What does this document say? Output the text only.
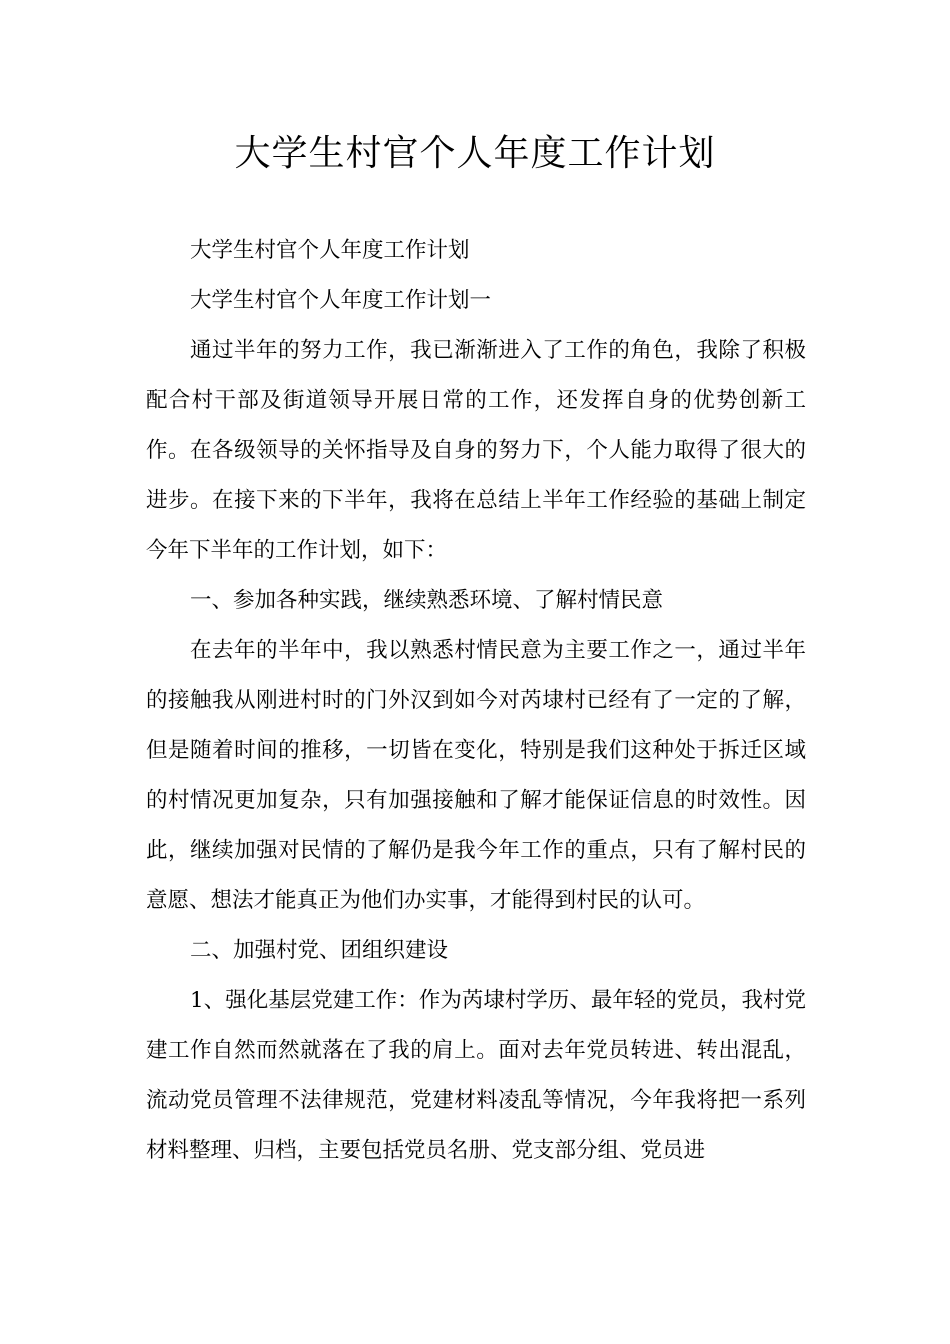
大学生村官个人年度工作计划

大学生村官个人年度工作计划

大学生村官个人年度工作计划一

通过半年的努力工作，我已渐渐进入了工作的角色，我除了积极配合村干部及街道领导开展日常的工作，还发挥自身的优势创新工作。在各级领导的关怀指导及自身的努力下，个人能力取得了很大的进步。在接下来的下半年，我将在总结上半年工作经验的基础上制定今年下半年的工作计划，如下：

一、参加各种实践，继续熟悉环境、了解村情民意

在去年的半年中，我以熟悉村情民意为主要工作之一，通过半年的接触我从刚进村时的门外汉到如今对芮埭村已经有了一定的了解，但是随着时间的推移，一切皆在变化，特别是我们这种处于拆迁区域的村情况更加复杂，只有加强接触和了解才能保证信息的时效性。因此，继续加强对民情的了解仍是我今年工作的重点，只有了解村民的意愿、想法才能真正为他们办实事，才能得到村民的认可。

二、加强村党、团组织建设

1、强化基层党建工作：作为芮埭村学历、最年轻的党员，我村党建工作自然而然就落在了我的肩上。面对去年党员转进、转出混乱，流动党员管理不法律规范，党建材料凌乱等情况，今年我将把一系列材料整理、归档，主要包括党员名册、党支部分组、党员进
